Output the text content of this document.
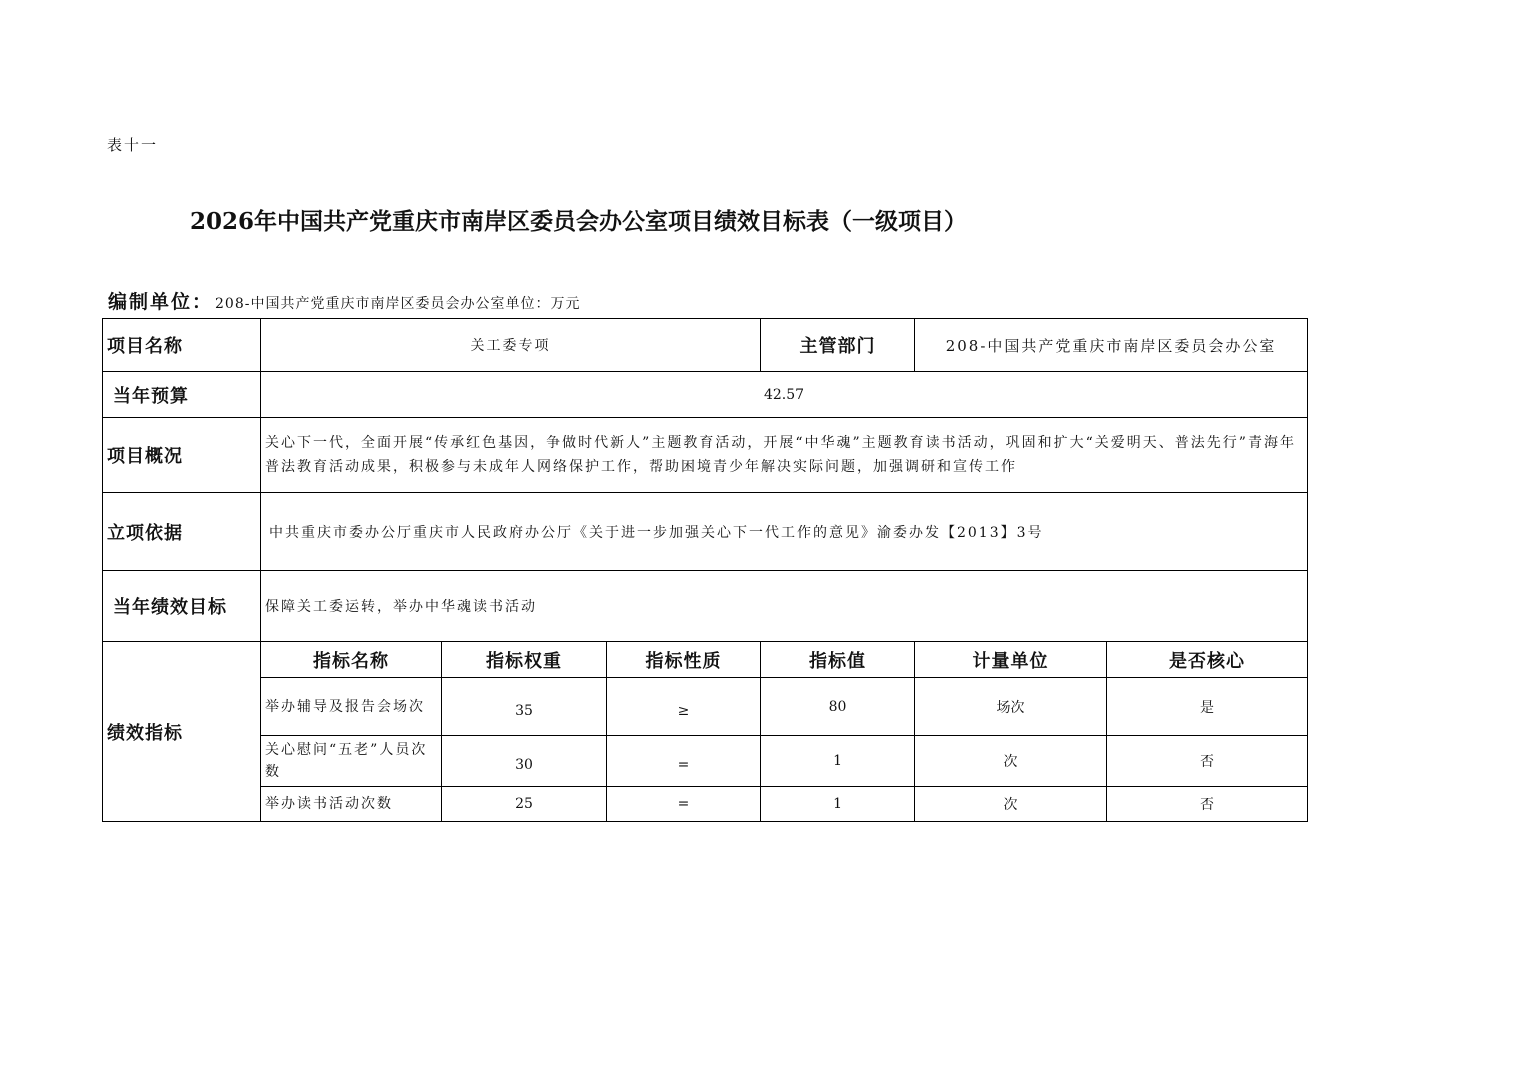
表十一
2026年中国共产党重庆市南岸区委员会办公室项目绩效目标表（一级项目）
编制单位： 208-中国共产党重庆市南岸区委员会办公室单位：万元
项目名称	关工委专项			主管部门	208-中国共产党重庆市南岸区委员会办公室	
当年预算	42.57					
项目概况	关心下一代，全面开展“传承红色基因，争做时代新人”主题教育活动，开展“中华魂”主题教育读书活动，巩固和扩大“关爱明天、普法先行”青海年普法教育活动成果，积极参与未成年人网络保护工作，帮助困境青少年解决实际问题，加强调研和宣传工作					
立项依据	中共重庆市委办公厅重庆市人民政府办公厅《关于进一步加强关心下一代工作的意见》渝委办发【2013】3号					
当年绩效目标	保障关工委运转，举办中华魂读书活动					
绩效指标	指标名称	指标权重	指标性质	指标值	计量单位	是否核心
	举办辅导及报告会场次	35	≥	80	场次	是
	关心慰问“五老”人员次数	30	=	1	次	否
	举办读书活动次数	25	=	1	次	否
